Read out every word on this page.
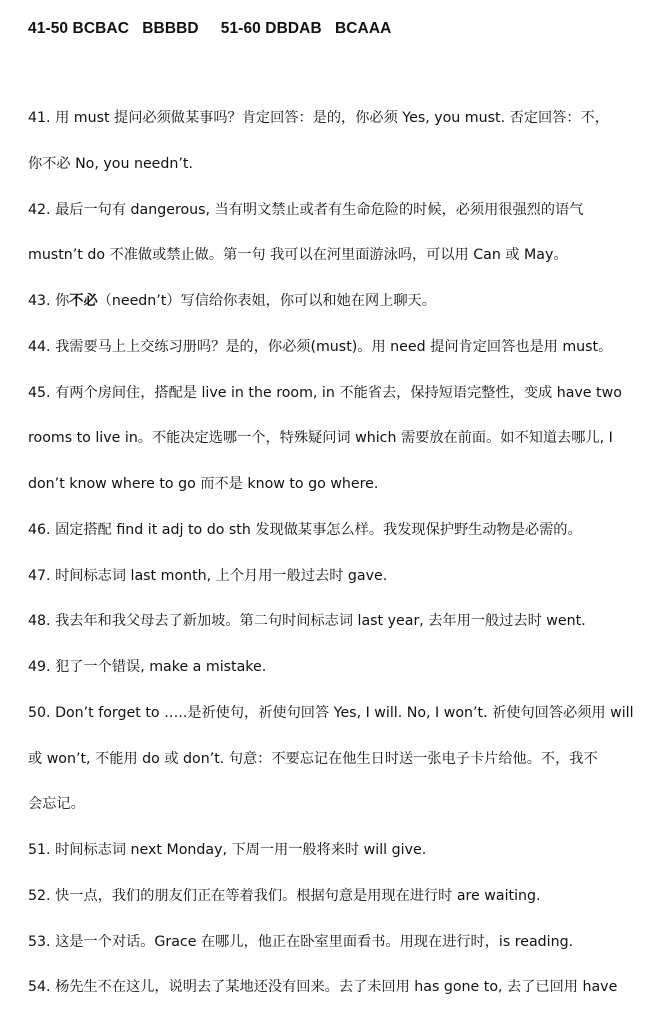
41-50 BCBAC   BBBBD     51-60 DBDAB   BCAAA
41. 用 must 提问必须做某事吗？肯定回答：是的，你必须 Yes, you must. 否定回答：不，
你不必 No, you needn’t.
42. 最后一句有 dangerous, 当有明文禁止或者有生命危险的时候，必须用很强烈的语气
mustn’t do 不准做或禁止做。第一句 我可以在河里面游泳吗，可以用 Can 或 May。
43. 你不必（needn’t）写信给你表姐，你可以和她在网上聊天。
44. 我需要马上上交练习册吗？是的，你必须(must)。用 need 提问肯定回答也是用 must。
45. 有两个房间住，搭配是 live in the room, in 不能省去，保持短语完整性，变成 have two
rooms to live in。不能决定选哪一个，特殊疑问词 which 需要放在前面。如不知道去哪儿, I
don’t know where to go 而不是 know to go where.
46. 固定搭配 find it adj to do sth 发现做某事怎么样。我发现保护野生动物是必需的。
47. 时间标志词 last month, 上个月用一般过去时 gave.
48. 我去年和我父母去了新加坡。第二句时间标志词 last year, 去年用一般过去时 went.
49. 犯了一个错误, make a mistake.
50. Don’t forget to …..是祈使句，祈使句回答 Yes, I will. No, I won’t. 祈使句回答必须用 will
或 won’t, 不能用 do 或 don’t. 句意：不要忘记在他生日时送一张电子卡片给他。不，我不
会忘记。
51. 时间标志词 next Monday, 下周一用一般将来时 will give.
52. 快一点，我们的朋友们正在等着我们。根据句意是用现在进行时 are waiting.
53. 这是一个对话。Grace 在哪儿，他正在卧室里面看书。用现在进行时，is reading.
54. 杨先生不在这儿，说明去了某地还没有回来。去了未回用 has gone to, 去了已回用 have
